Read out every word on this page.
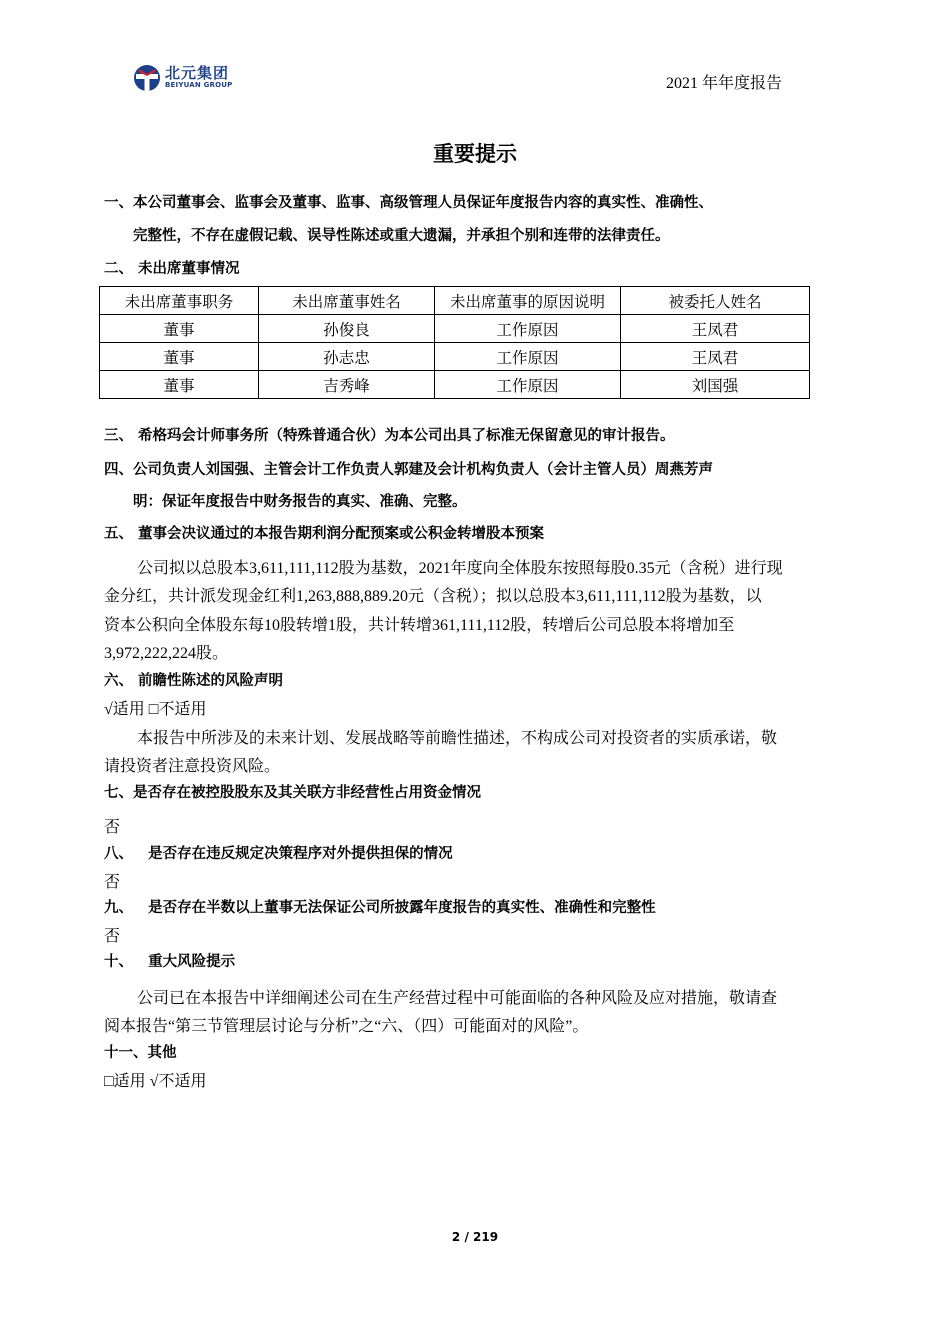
北元集团
BEIYUAN GROUP	2021 年年度报告
重要提示
一、本公司董事会、监事会及董事、监事、高级管理人员保证年度报告内容的真实性、准确性、
完整性，不存在虚假记载、误导性陈述或重大遗漏，并承担个别和连带的法律责任。
二、 未出席董事情况
未出席董事职务	未出席董事姓名	未出席董事的原因说明	被委托人姓名
董事	孙俊良	工作原因	王凤君
董事	孙志忠	工作原因	王凤君
董事	吉秀峰	工作原因	刘国强
三、 希格玛会计师事务所（特殊普通合伙）为本公司出具了标准无保留意见的审计报告。
四、公司负责人刘国强、主管会计工作负责人郭建及会计机构负责人（会计主管人员）周燕芳声
明：保证年度报告中财务报告的真实、准确、完整。
五、 董事会决议通过的本报告期利润分配预案或公积金转增股本预案
公司拟以总股本3,611,111,112股为基数，2021年度向全体股东按照每股0.35元（含税）进行现
金分红，共计派发现金红利1,263,888,889.20元（含税）；拟以总股本3,611,111,112股为基数，以
资本公积向全体股东每10股转增1股，共计转增361,111,112股，转增后公司总股本将增加至
3,972,222,224股。
六、 前瞻性陈述的风险声明
√适用 □不适用
本报告中所涉及的未来计划、发展战略等前瞻性描述，不构成公司对投资者的实质承诺，敬
请投资者注意投资风险。
七、是否存在被控股股东及其关联方非经营性占用资金情况
否
八、   是否存在违反规定决策程序对外提供担保的情况
否
九、   是否存在半数以上董事无法保证公司所披露年度报告的真实性、准确性和完整性
否
十、   重大风险提示
公司已在本报告中详细阐述公司在生产经营过程中可能面临的各种风险及应对措施，敬请查
阅本报告“第三节管理层讨论与分析”之“六、（四）可能面对的风险”。
十一、其他
□适用 √不适用
2 / 219
